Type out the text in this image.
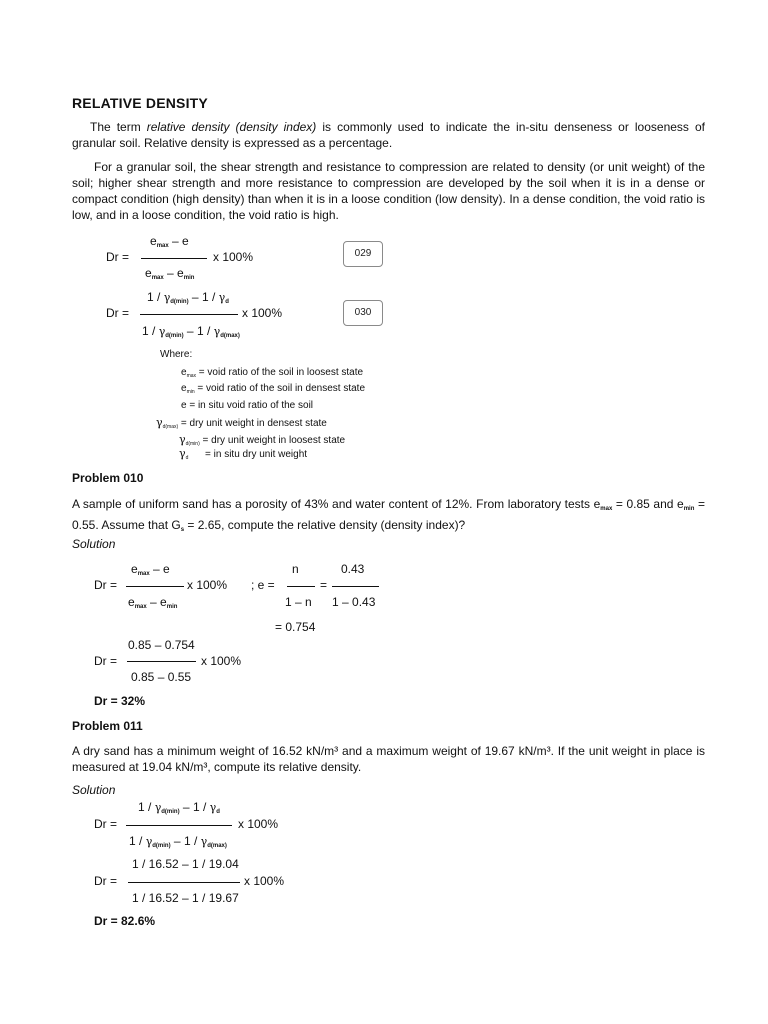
RELATIVE DENSITY
The term relative density (density index) is commonly used to indicate the in-situ denseness or looseness of granular soil. Relative density is expressed as a percentage.
For a granular soil, the shear strength and resistance to compression are related to density (or unit weight) of the soil; higher shear strength and more resistance to compression are developed by the soil when it is in a dense or compact condition (high density) than when it is in a loose condition (low density). In a dense condition, the void ratio is low, and in a loose condition, the void ratio is high.
Dr =
$e_{max}$ – e
$e_{max} - e_{min}$
x 100%	029
Dr =
$1 / \gamma_{d(min)} - 1 / \gamma_d$
$1 / \gamma_{d(min)} - 1 / \gamma_{d(max)}$
x 100%	030
Where:
$e_{max}$ = void ratio of the soil in loosest state
$e_{min}$ = void ratio of the soil in densest state
e = in situ void ratio of the soil
$\gamma_{d(max)}$ = dry unit weight in densest state
$\gamma_{d(min)}$ = dry unit weight in loosest state
$\gamma_d$ = in situ dry unit weight
Problem 010
A sample of uniform sand has a porosity of 43% and water content of 12%. From laboratory tests $e_{max} = 0.85$ and $e_{min} = 0.55$. Assume that $G_s = 2.65$, compute the relative density (density index)?
Solution
Dr =
$e_{max}$ – e
$e_{max} - e_{min}$
x 100% ; e =
n
1 – n
=
0.43
1 – 0.43
= 0.754
Dr =
0.85 – 0.754
0.85 – 0.55
x 100%
Dr = 32%
Problem 011
A dry sand has a minimum weight of 16.52 kN/m³ and a maximum weight of 19.67 kN/m³. If the unit weight in place is measured at 19.04 kN/m³, compute its relative density.
Solution
Dr =
$1 / \gamma_{d(min)} - 1 / \gamma_d$
$1 / \gamma_{d(min)} - 1 / \gamma_{d(max)}$
x 100%
Dr =
1 / 16.52 – 1 / 19.04
1 / 16.52 – 1 / 19.67
x 100%
Dr = 82.6%
